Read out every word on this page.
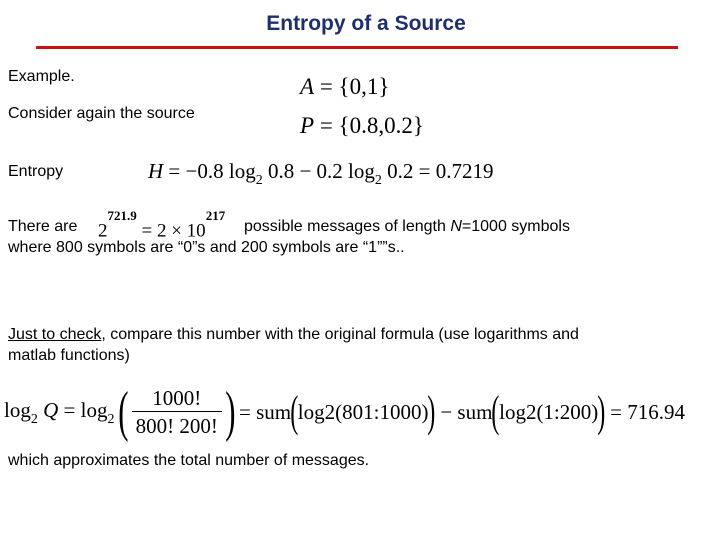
Entropy of a Source
Example.
Consider again the source
A = {0,1}
P = {0.8,0.2}
Entropy	H = −0.8 $\log_2 0.8 - 0.2$ $\log_2 0.2 = 0.7219$
There are $2^{721.9} = 2 \times 10^{217}$
possible messages of length N=1000 symbols
where 800 symbols are “0”s and 200 symbols are “1””s..
Just to check, compare this number with the original formula (use logarithms and
matlab functions)
$\log_2 Q = \log_2$ ( $\frac{1000!}{800! 200!}$ ) = sum(log2(801:1000)) − sum(log2(1:200)) = 716.94
which approximates the total number of messages.
